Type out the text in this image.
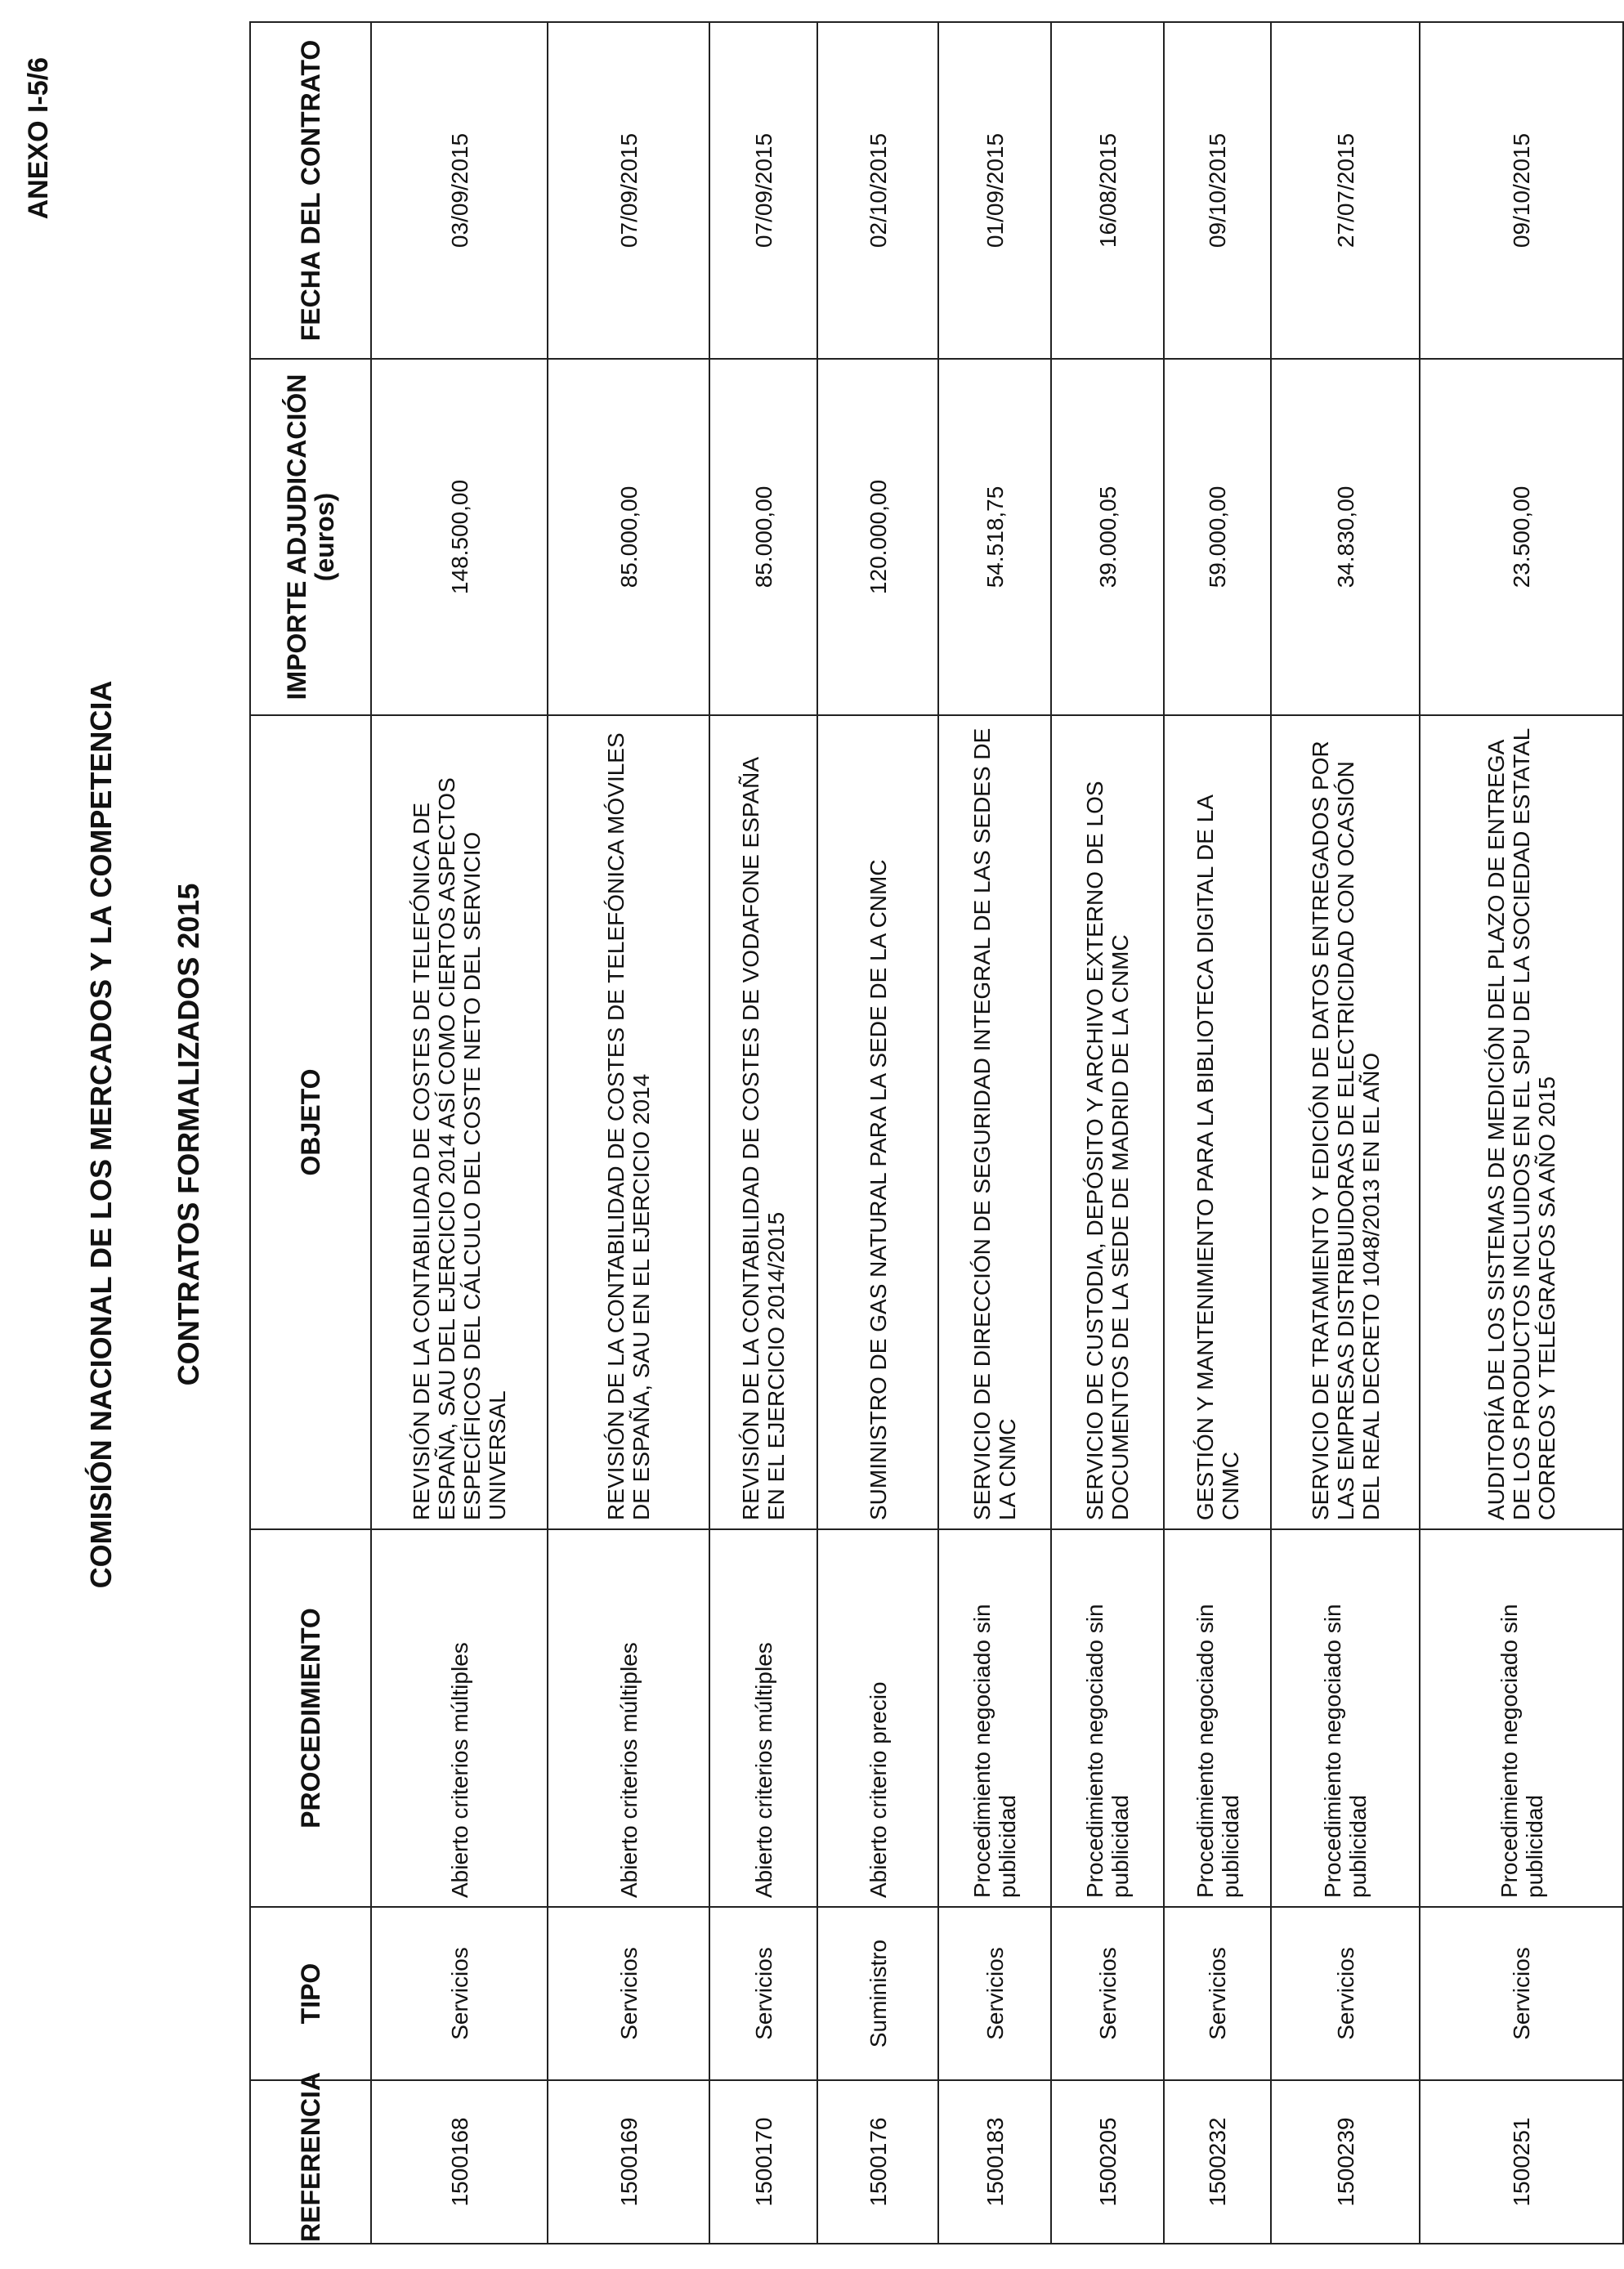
ANEXO I-5/6
COMISIÓN NACIONAL DE LOS MERCADOS Y LA COMPETENCIA CONTRATOS FORMALIZADOS 2015
REFERENCIA	TIPO	PROCEDIMIENTO	OBJETO	IMPORTE ADJUDICACIÓN (euros)	FECHA DEL CONTRATO
1500168	Servicios	Abierto criterios múltiples	REVISIÓN DE LA CONTABILIDAD DE COSTES DE TELEFÓNICA DE ESPAÑA, SAU DEL EJERCICIO 2014 ASÍ COMO CIERTOS ASPECTOS ESPECÍFICOS DEL CÁLCULO DEL COSTE NETO DEL SERVICIO UNIVERSAL	148.500,00	03/09/2015
1500169	Servicios	Abierto criterios múltiples	REVISIÓN DE LA CONTABILIDAD DE COSTES DE TELEFÓNICA MÓVILES DE ESPAÑA, SAU EN EL EJERCICIO 2014	85.000,00	07/09/2015
1500170	Servicios	Abierto criterios múltiples	REVISIÓN DE LA CONTABILIDAD DE COSTES DE VODAFONE ESPAÑA EN EL EJERCICIO 2014/2015	85.000,00	07/09/2015
1500176	Suministro	Abierto criterio precio	SUMINISTRO DE GAS NATURAL PARA LA SEDE DE LA CNMC	120.000,00	02/10/2015
1500183	Servicios	Procedimiento negociado sin publicidad	SERVICIO DE DIRECCIÓN DE SEGURIDAD INTEGRAL DE LAS SEDES DE LA CNMC	54.518,75	01/09/2015
1500205	Servicios	Procedimiento negociado sin publicidad	SERVICIO DE CUSTODIA, DEPÓSITO Y ARCHIVO EXTERNO DE LOS DOCUMENTOS DE LA SEDE DE MADRID DE LA CNMC	39.000,05	16/08/2015
1500232	Servicios	Procedimiento negociado sin publicidad	GESTIÓN Y MANTENIMIENTO PARA LA BIBLIOTECA DIGITAL DE LA CNMC	59.000,00	09/10/2015
1500239	Servicios	Procedimiento negociado sin publicidad	SERVICIO DE TRATAMIENTO Y EDICIÓN DE DATOS ENTREGADOS POR LAS EMPRESAS DISTRIBUIDORAS DE ELECTRICIDAD CON OCASIÓN DEL REAL DECRETO 1048/2013 EN EL AÑO	34.830,00	27/07/2015
1500251	Servicios	Procedimiento negociado sin publicidad	AUDITORÍA DE LOS SISTEMAS DE MEDICIÓN DEL PLAZO DE ENTREGA DE LOS PRODUCTOS INCLUIDOS EN EL SPU DE LA SOCIEDAD ESTATAL CORREOS Y TELÉGRAFOS SA AÑO 2015	23.500,00	09/10/2015
